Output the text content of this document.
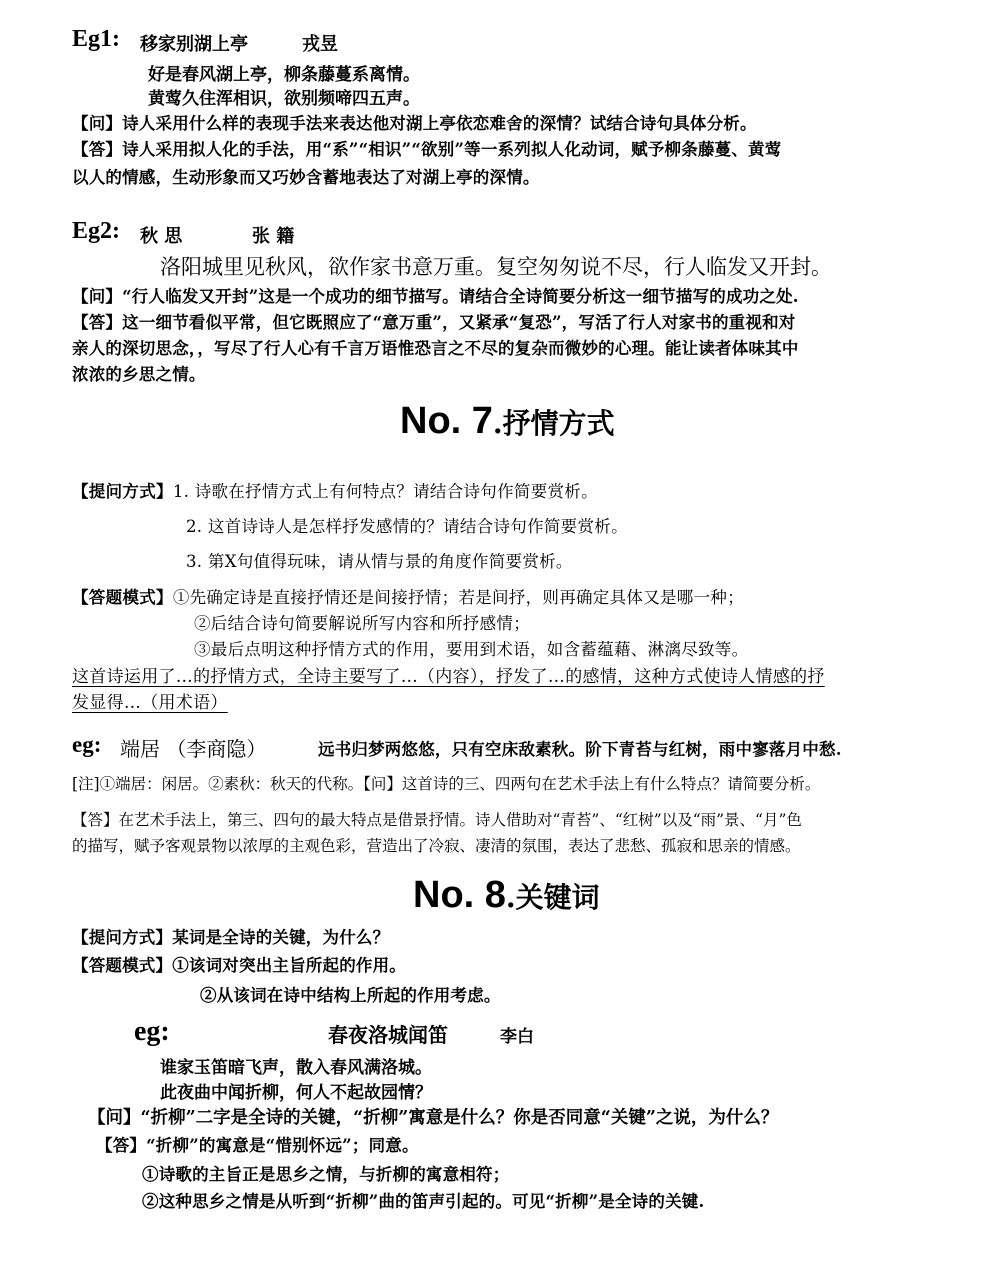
Eg1: 移家别湖上亭	戎昱
好是春风湖上亭，柳条藤蔓系离情。
黄莺久住浑相识，欲别频啼四五声。
【问】诗人采用什么样的表现手法来表达他对湖上亭依恋难舍的深情？试结合诗句具体分析。
【答】诗人采用拟人化的手法，用“系”“相识”“欲别”等一系列拟人化动词，赋予柳条藤蔓、黄莺
以人的情感，生动形象而又巧妙含蓄地表达了对湖上亭的深情。
Eg2: 秋 思	张 籍
洛阳城里见秋风，欲作家书意万重。复空匆匆说不尽，行人临发又开封。
【问】“行人临发又开封”这是一个成功的细节描写。请结合全诗简要分析这一细节描写的成功之处.
【答】这一细节看似平常，但它既照应了“意万重”，又紧承“复恐”，写活了行人对家书的重视和对
亲人的深切思念，，写尽了行人心有千言万语惟恐言之不尽的复杂而微妙的心理。能让读者体味其中
浓浓的乡思之情。
No. 7.抒情方式
【提问方式】1. 诗歌在抒情方式上有何特点？请结合诗句作简要赏析。
2. 这首诗诗人是怎样抒发感情的？请结合诗句作简要赏析。
3. 第X句值得玩味，请从情与景的角度作简要赏析。
【答题模式】①先确定诗是直接抒情还是间接抒情；若是间抒，则再确定具体又是哪一种；
②后结合诗句简要解说所写内容和所抒感情；
③最后点明这种抒情方式的作用，要用到术语，如含蓄蕴藉、淋漓尽致等。
这首诗运用了…的抒情方式，全诗主要写了…（内容），抒发了…的感情，这种方式使诗人情感的抒
发显得…（用术语）
eg: 端居 （李商隐）	远书归梦两悠悠，只有空床敌素秋。阶下青苔与红树，雨中寥落月中愁.
[注]①端居：闲居。②素秋：秋天的代称。【问】这首诗的三、四两句在艺术手法上有什么特点？请简要分析。
【答】在艺术手法上，第三、四句的最大特点是借景抒情。诗人借助对“青苔”、“红树”以及“雨”景、“月”色
的描写，赋予客观景物以浓厚的主观色彩，营造出了冷寂、凄清的氛围，表达了悲愁、孤寂和思亲的情感。
No. 8.关键词
【提问方式】某词是全诗的关键，为什么？
【答题模式】①该词对突出主旨所起的作用。
②从该词在诗中结构上所起的作用考虑。
eg:	春夜洛城闻笛	李白
谁家玉笛暗飞声，散入春风满洛城。
此夜曲中闻折柳，何人不起故园情？
【问】“折柳”二字是全诗的关键，“折柳”寓意是什么？你是否同意“关键”之说，为什么？
【答】“折柳”的寓意是“惜别怀远”；同意。
①诗歌的主旨正是思乡之情，与折柳的寓意相符；
②这种思乡之情是从听到“折柳”曲的笛声引起的。可见“折柳”是全诗的关键.
